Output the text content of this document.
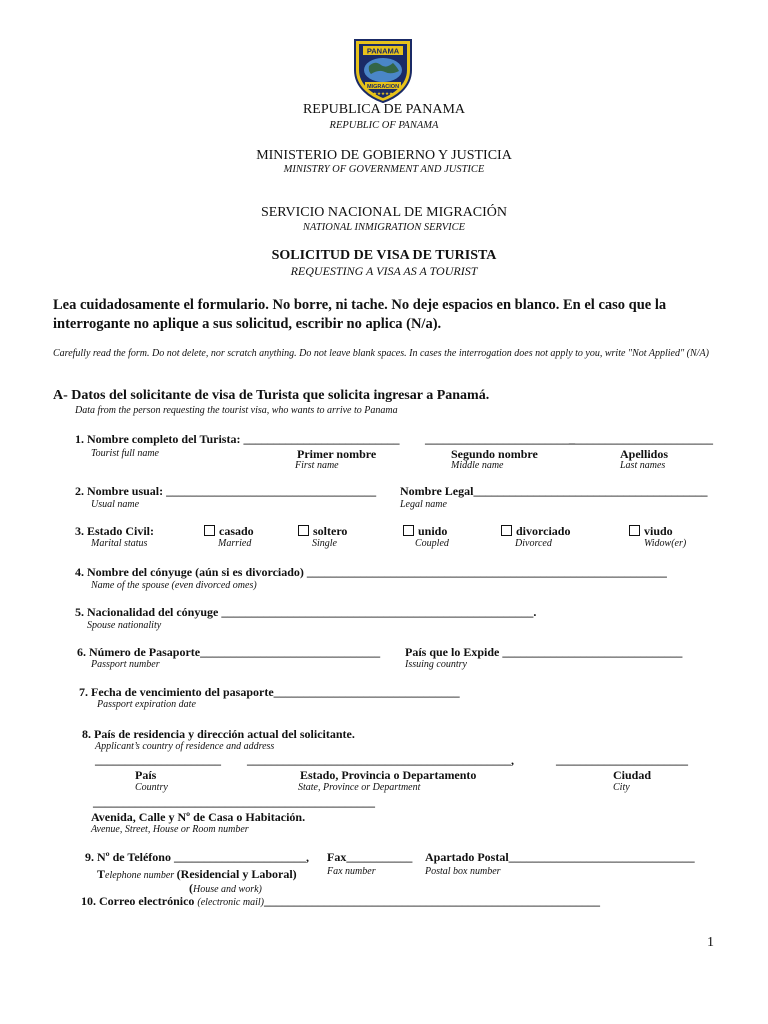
PANAMA
MIGRACION
★★★★★
REPUBLICA DE PANAMA
REPUBLIC OF PANAMA
MINISTERIO DE GOBIERNO Y JUSTICIA
MINISTRY OF GOVERNMENT AND JUSTICE
SERVICIO NACIONAL DE MIGRACIÓN
NATIONAL INMIGRATION SERVICE
SOLICITUD DE VISA DE TURISTA
REQUESTING A VISA AS A TOURIST
Lea cuidadosamente el formulario. No borre, ni tache. No deje espacios en blanco. En el caso que la interrogante no aplique a sus solicitud, escribir no aplica (N/a).
Carefully read the form. Do not delete, nor scratch anything. Do not leave blank spaces. In cases the interrogation does not apply to you, write "Not Applied" (N/A)
A- Datos del solicitante de visa de Turista que solicita ingresar a Panamá.
Data from the person requesting the tourist visa, who wants to arrive to Panama
1. Nombre completo del Turista: __________________________ _________________________
________________________
Tourist full name	Primer nombre
First name
Segundo nombre
Middle name
Apellidos
Last names
2. Nombre usual: ___________________________________
Usual name
Nombre Legal_______________________________________
Legal name
3. Estado Civil:
Marital status
casado
Married
soltero
Single
unido
Coupled
divorciado
Divorced
viudo
Widow(er)
4. Nombre del cónyuge (aún si es divorciado) ____________________________________________________________
Name of the spouse (even divorced omes)
5. Nacionalidad del cónyuge ____________________________________________________.
Spouse nationality
6. Número de Pasaporte______________________________
Passport number
País que lo Expide ______________________________
Issuing country
7. Fecha de vencimiento del pasaporte_______________________________
Passport expiration date
8. País de residencia y dirección actual del solicitante.
Applicant’s country of residence and address
_____________________ ____________________________________________,	______________________
País
Country
Estado, Provincia o Departamento
State, Province or Department
Ciudad
City
_______________________________________________
Avenida, Calle y Nº de Casa o Habitación.
Avenue, Street, House or Room number
9. Nº de Teléfono ______________________,
Telephone number (Residencial y Laboral)
(House and work)
Fax___________
Fax number
Apartado Postal_______________________________
Postal box number
10. Correo electrónico (electronic mail)________________________________________________________
1
